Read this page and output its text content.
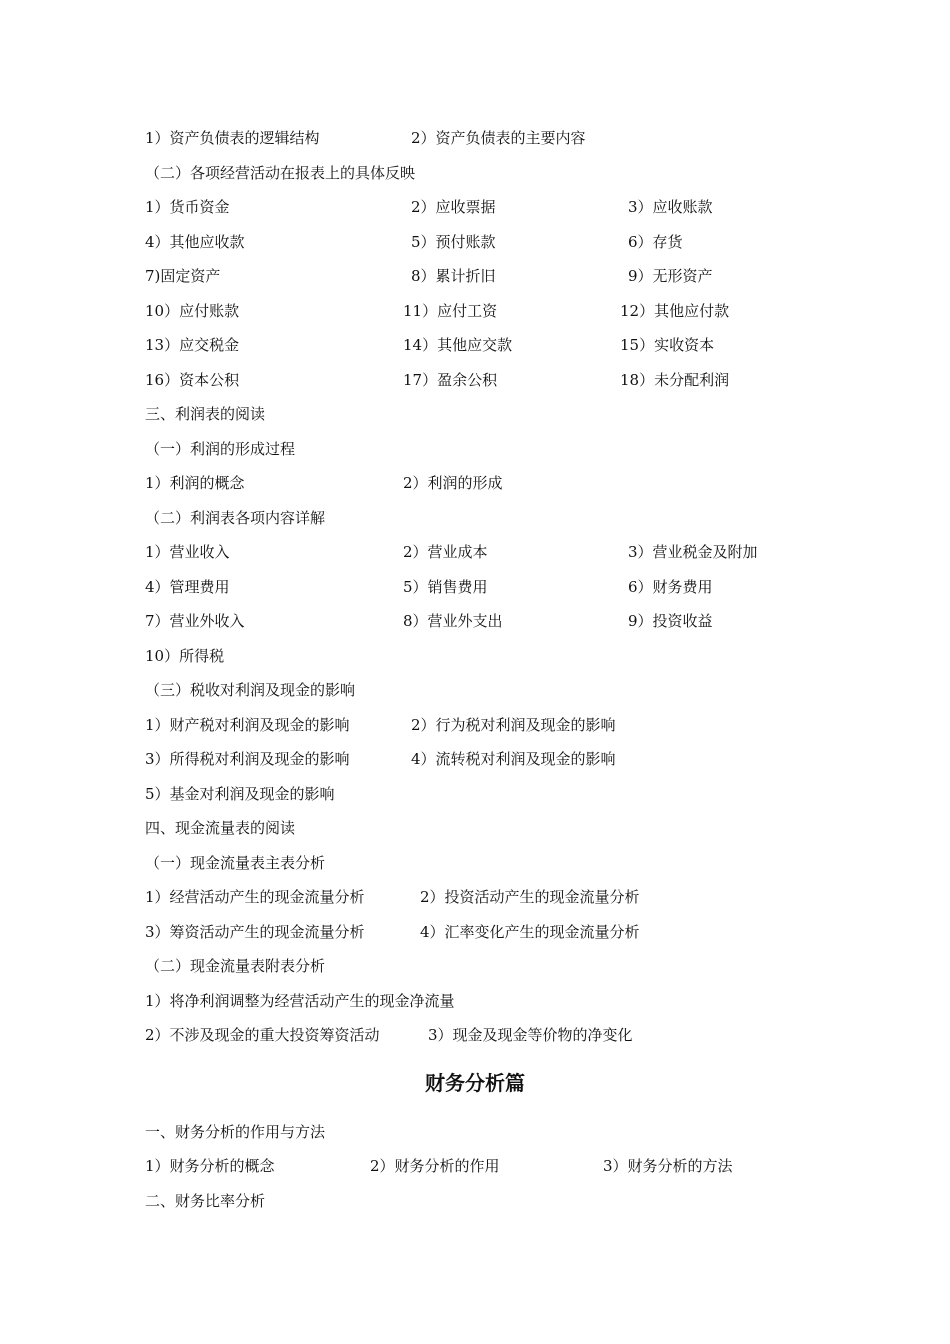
1）资产负债表的逻辑结构	2）资产负债表的主要内容
（二）各项经营活动在报表上的具体反映
1）货币资金	2）应收票据	3）应收账款
4）其他应收款	5）预付账款	6）存货
7)固定资产	8）累计折旧	9）无形资产
10）应付账款	11）应付工资	12）其他应付款
13）应交税金	14）其他应交款	15）实收资本
16）资本公积	17）盈余公积	18）未分配利润
三、利润表的阅读
（一）利润的形成过程
1）利润的概念	2）利润的形成
（二）利润表各项内容详解
1）营业收入	2）营业成本	3）营业税金及附加
4）管理费用	5）销售费用	6）财务费用
7）营业外收入	8）营业外支出	9）投资收益
10）所得税
（三）税收对利润及现金的影响
1）财产税对利润及现金的影响	2）行为税对利润及现金的影响
3）所得税对利润及现金的影响	4）流转税对利润及现金的影响
5）基金对利润及现金的影响
四、现金流量表的阅读
（一）现金流量表主表分析
1）经营活动产生的现金流量分析	2）投资活动产生的现金流量分析
3）筹资活动产生的现金流量分析	4）汇率变化产生的现金流量分析
（二）现金流量表附表分析
1）将净利润调整为经营活动产生的现金净流量
2）不涉及现金的重大投资筹资活动	3）现金及现金等价物的净变化
财务分析篇
一、财务分析的作用与方法
1）财务分析的概念	2）财务分析的作用	3）财务分析的方法
二、财务比率分析
